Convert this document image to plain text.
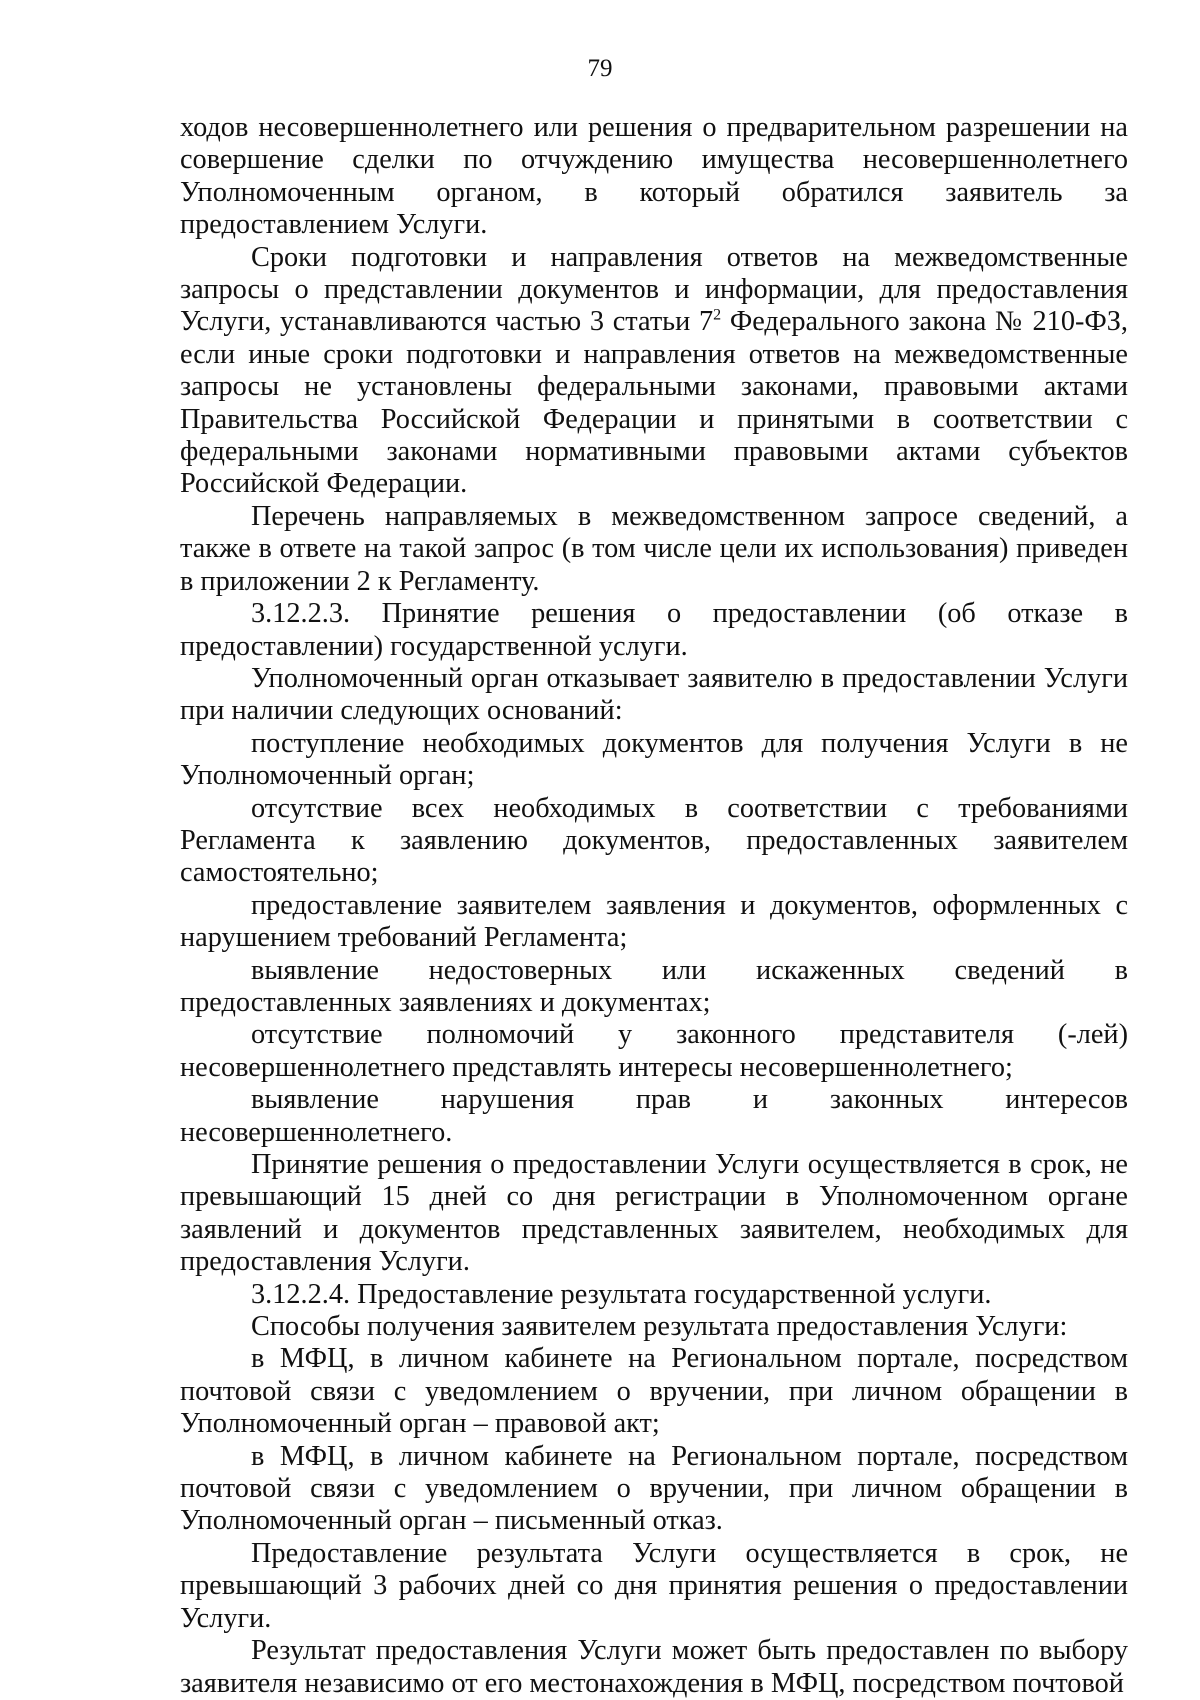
79

ходов несовершеннолетнего или решения о предварительном разрешении на совершение сделки по отчуждению имущества несовершеннолетнего Уполномоченным органом, в который обратился заявитель за предоставлением Услуги.

Сроки подготовки и направления ответов на межведомственные запросы о представлении документов и информации, для предоставления Услуги, устанавливаются частью 3 статьи $7^2$ Федерального закона № 210-ФЗ, если иные сроки подготовки и направления ответов на межведомственные запросы не установлены федеральными законами, правовыми актами Правительства Российской Федерации и принятыми в соответствии с федеральными законами нормативными правовыми актами субъектов Российской Федерации.

Перечень направляемых в межведомственном запросе сведений, а также в ответе на такой запрос (в том числе цели их использования) приведен в приложении 2 к Регламенту.

3.12.2.3. Принятие решения о предоставлении (об отказе в предоставлении) государственной услуги.

Уполномоченный орган отказывает заявителю в предоставлении Услуги при наличии следующих оснований:

поступление необходимых документов для получения Услуги в не Уполномоченный орган;

отсутствие всех необходимых в соответствии с требованиями Регламента к заявлению документов, предоставленных заявителем самостоятельно;

предоставление заявителем заявления и документов, оформленных с нарушением требований Регламента;

выявление недостоверных или искаженных сведений в предоставленных заявлениях и документах;

отсутствие полномочий у законного представителя (-лей) несовершеннолетнего представлять интересы несовершеннолетнего;

выявление нарушения прав и законных интересов несовершеннолетнего.

Принятие решения о предоставлении Услуги осуществляется в срок, не превышающий 15 дней со дня регистрации в Уполномоченном органе заявлений и документов представленных заявителем, необходимых для предоставления Услуги.

3.12.2.4. Предоставление результата государственной услуги.

Способы получения заявителем результата предоставления Услуги:

в МФЦ, в личном кабинете на Региональном портале, посредством почтовой связи с уведомлением о вручении, при личном обращении в Уполномоченный орган – правовой акт;

в МФЦ, в личном кабинете на Региональном портале, посредством почтовой связи с уведомлением о вручении, при личном обращении в Уполномоченный орган – письменный отказ.

Предоставление результата Услуги осуществляется в срок, не превышающий 3 рабочих дней со дня принятия решения о предоставлении Услуги.

Результат предоставления Услуги может быть предоставлен по выбору заявителя независимо от его местонахождения в МФЦ, посредством почтовой
